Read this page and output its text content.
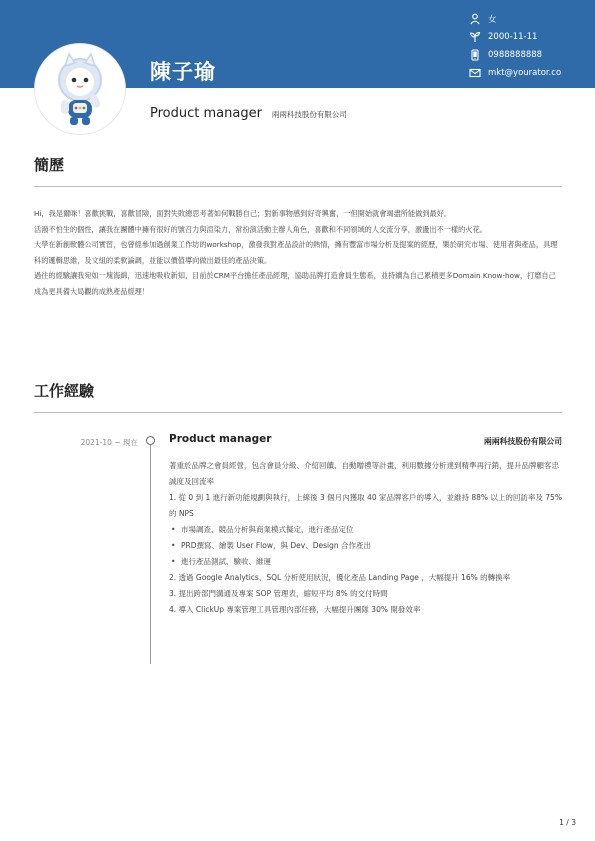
陳子瑜
女
2000-11-11
0988888888
mkt@yourator.co
Product manager 兩兩科技股份有限公司
簡歷

Hi，我是爾咪！喜歡挑戰，喜歡冒險，面對失敗總思考著如何戰勝自己；對新事物感到好奇興奮，一但開始就會竭盡所能做到最好。

活潑不怕生的個性，讓我在團體中擁有很好的號召力與渲染力，常扮演活動主辦人角色，喜歡和不同領域的人交流分享，激盪出不一樣的火花。

大學在新創軟體公司實習，也曾經參加過創業工作坊的workshop，激發我對產品設計的熱情，擁有豐富市場分析及提案的經歷，樂於研究市場、使用者與產品，具理科的邏輯思維，及文組的柔軟論調，並能以價值導向做出最佳的產品決策。

過往的經驗讓我宛如一塊海綿，迅速地吸收新知，目前於CRM平台擔任產品經理，協助品牌打造會員生態系，並持續為自己累積更多Domain Know-how，打磨自己成為更具備大局觀的成熟產品經理！

工作經驗
2021-10 ~ 現在	Product manager	兩兩科技股份有限公司
著重於品牌之會員經營，包含會員分級、介紹回饋、自動贈禮等計畫，利用數據分析達到精準再行銷，提升品牌顧客忠誠度及回流率
1. 從 0 到 1 進行新功能規劃與執行，上線後 3 個月內獲取 40 家品牌客戶的導入，並維持 88% 以上的回訪率及 75% 的 NPS
• 市場調查、競品分析與商業模式擬定，進行產品定位
• PRD撰寫、繪製 User Flow，與 Dev、Design 合作產出
• 進行產品測試、驗收、維運
2. 透過 Google Analytics、SQL 分析使用狀況，優化產品 Landing Page ，大幅提升 16% 的轉換率
3. 提出跨部門溝通及專案 SOP 管理表，縮短平均 8% 的交付時間
4. 導入 ClickUp 專案管理工具管理內部任務，大幅提升團隊 30% 開發效率
1 / 3
